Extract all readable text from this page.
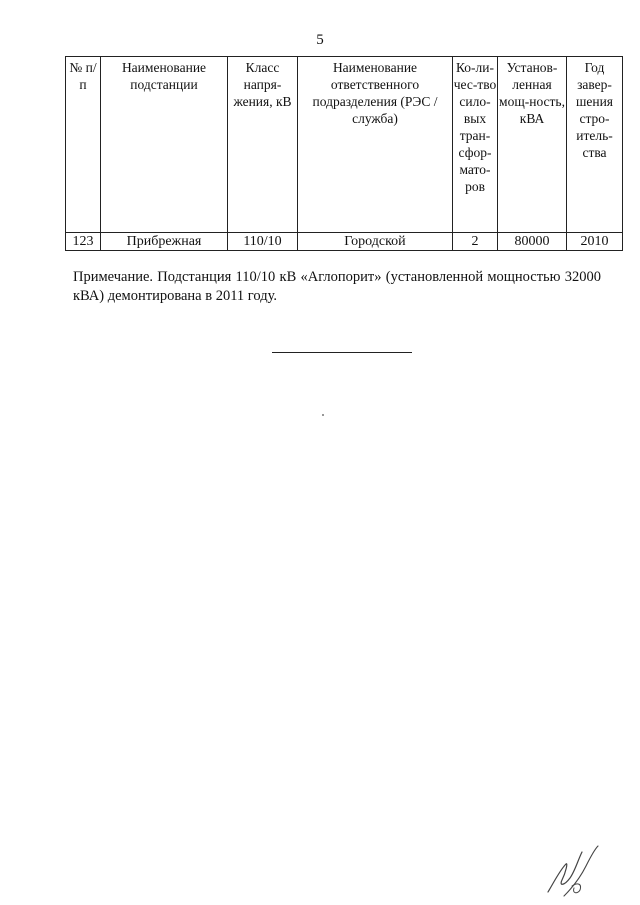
5
№ п/п	Наименование подстанции	Класс напря-жения, кВ	Наименование ответственного подразделения (РЭС / служба)	Ко-ли-чес-тво сило-вых тран-сфор-мато-ров	Установ-ленная мощ-ность, кВА	Год завер-шения стро-итель-ства
123	Прибрежная	110/10	Городской	2	80000	2010
Примечание. Подстанция 110/10 кВ «Аглопорит» (установленной мощностью 32000 кВА) демонтирована в 2011 году.
